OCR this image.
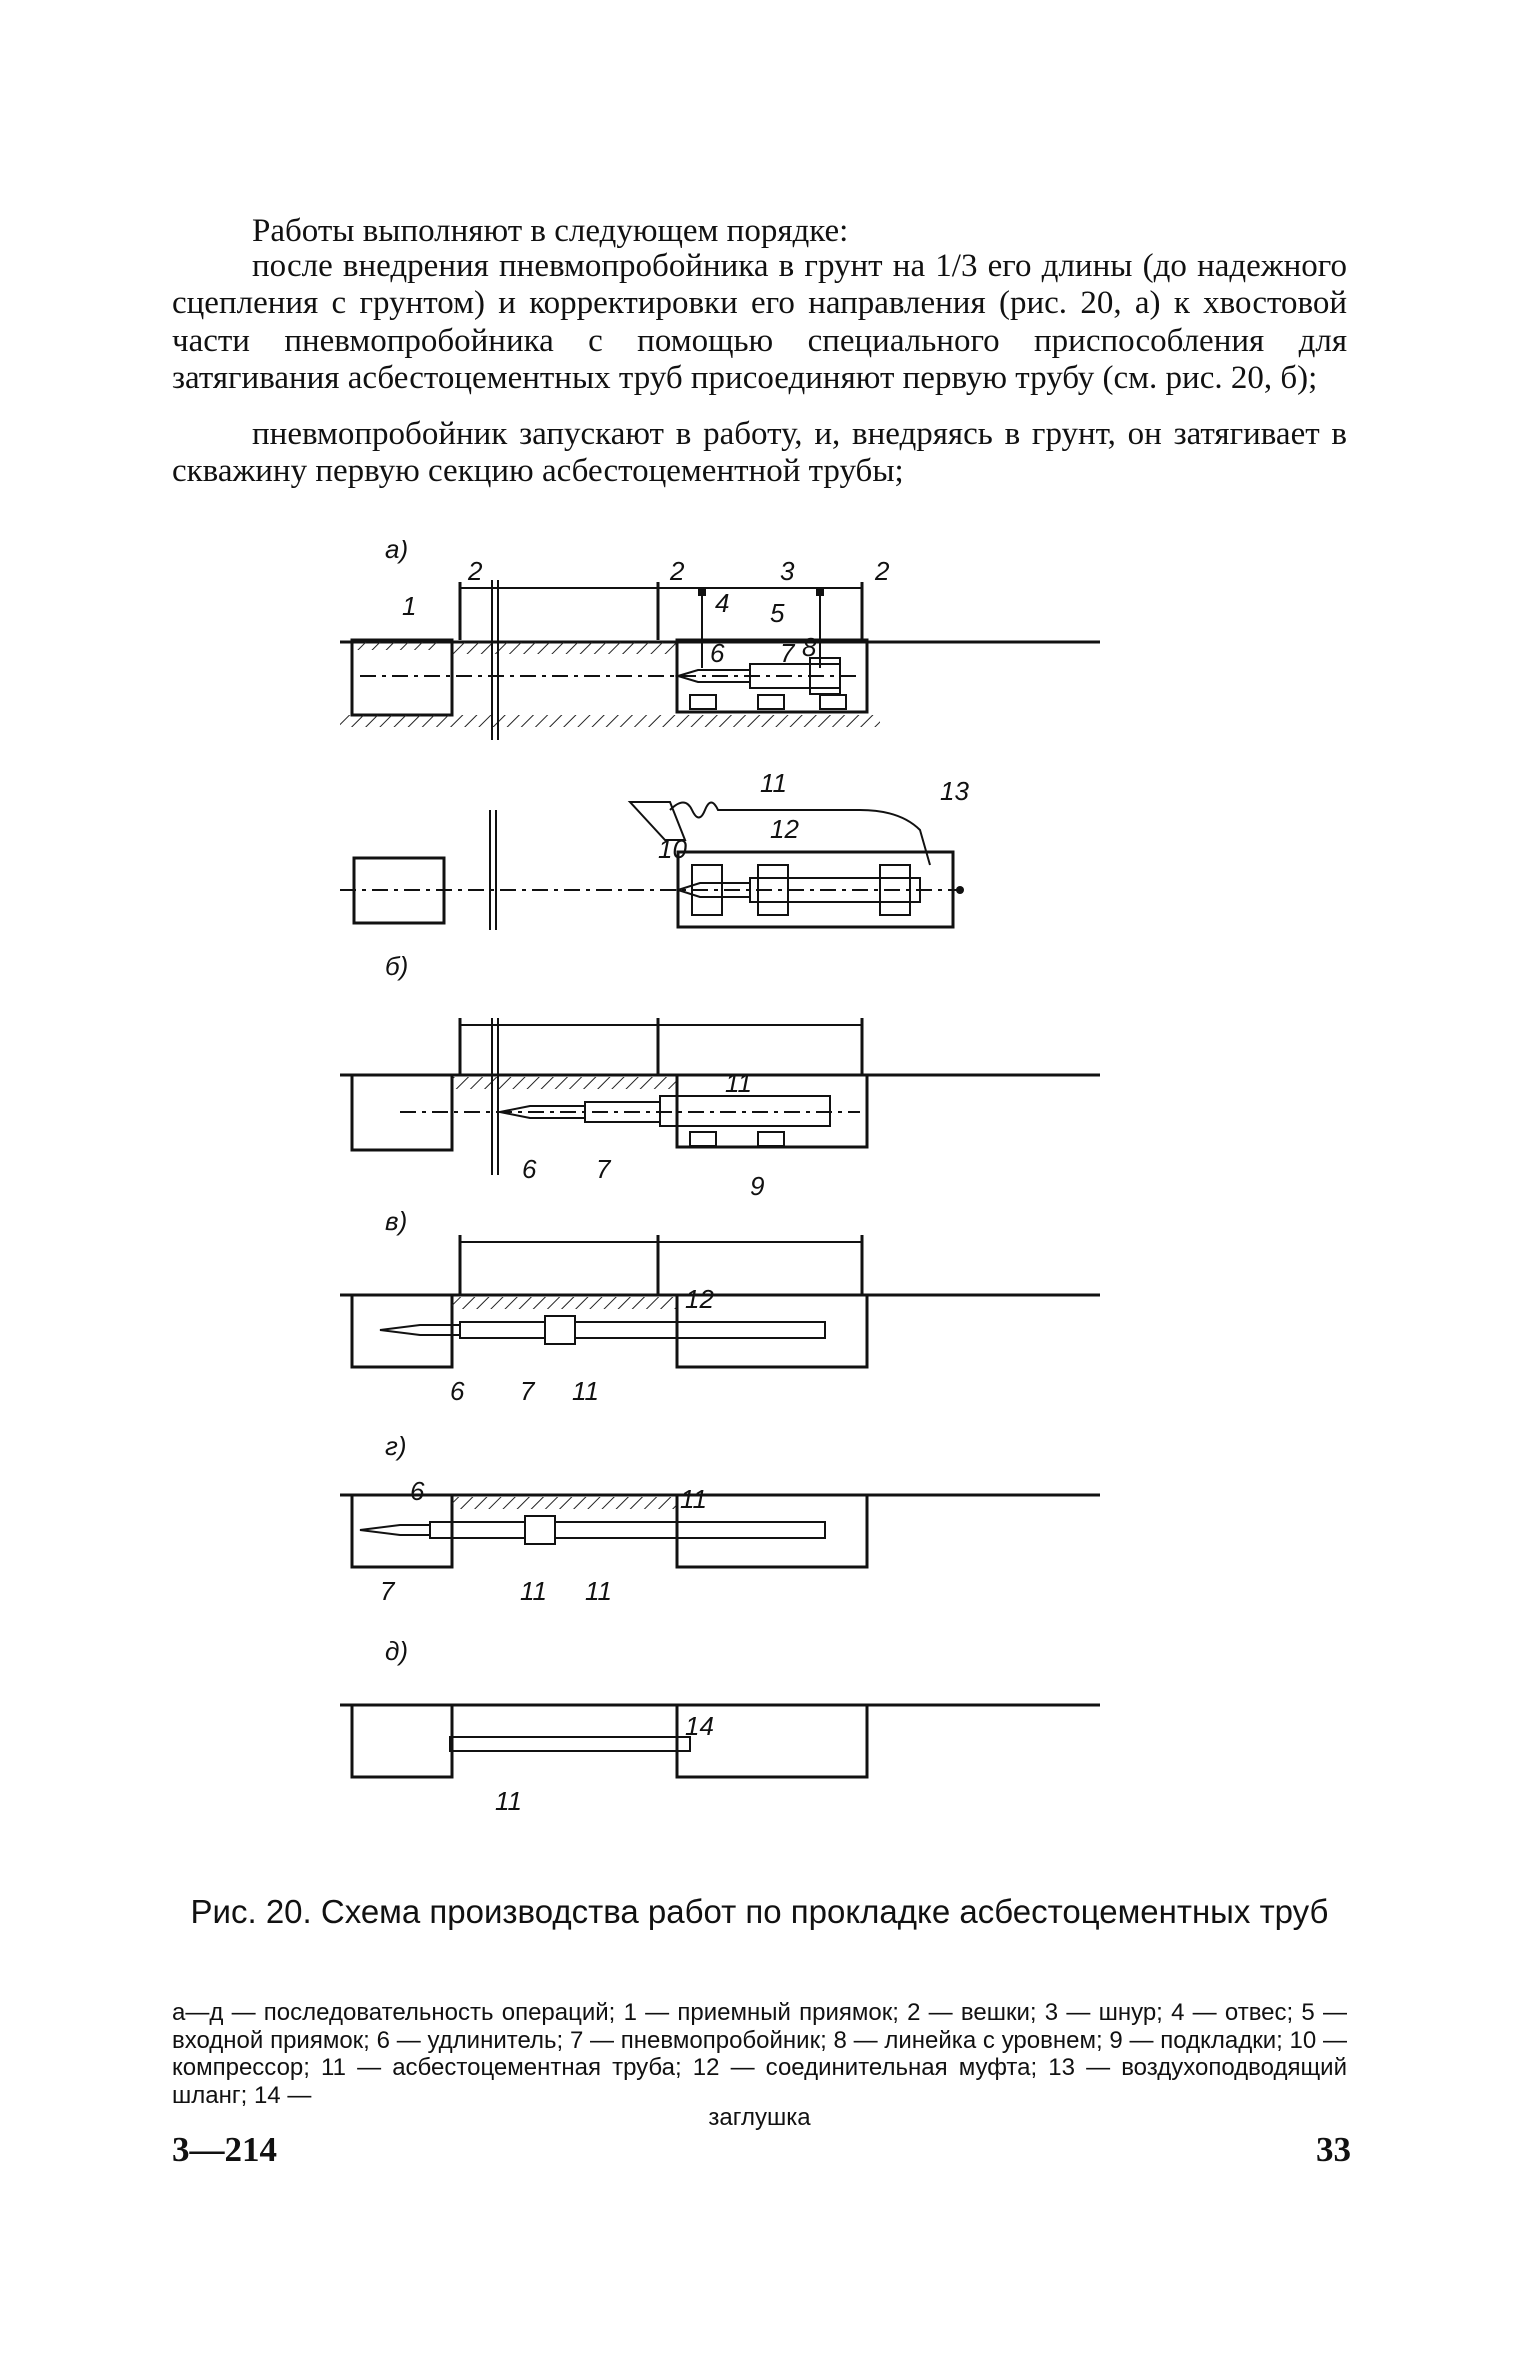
Работы выполняют в следующем порядке:

после внедрения пневмопробойника в грунт на 1/3 его длины (до надежного сцепления с грунтом) и корректировки его направления (рис. 20, а) к хвостовой части пневмопробойника с помощью специального приспособления для затягивания асбестоцементных труб присоединяют первую трубу (см. рис. 20, б);

пневмопробойник запускают в работу, и, внедряясь в грунт, он затягивает в скважину первую секцию асбестоцементной трубы;

а)
1
2	2	2
3
4 5
6 7 8
10
11
12
13
б)
6 7
11
9
в)
6 7 11
12
г)
6
7	11 11
11
д)
11
14

Рис. 20. Схема производства работ по прокладке асбестоцементных труб

а—д — последовательность операций; 1 — приемный приямок; 2 — вешки; 3 — шнур; 4 — отвес; 5 — входной приямок; 6 — удлинитель; 7 — пневмопробойник; 8 — линейка с уровнем; 9 — подкладки; 10 — компрессор; 11 — асбестоцементная труба; 12 — соединительная муфта; 13 — воздухоподводящий шланг; 14 —

заглушка

3—214	33
